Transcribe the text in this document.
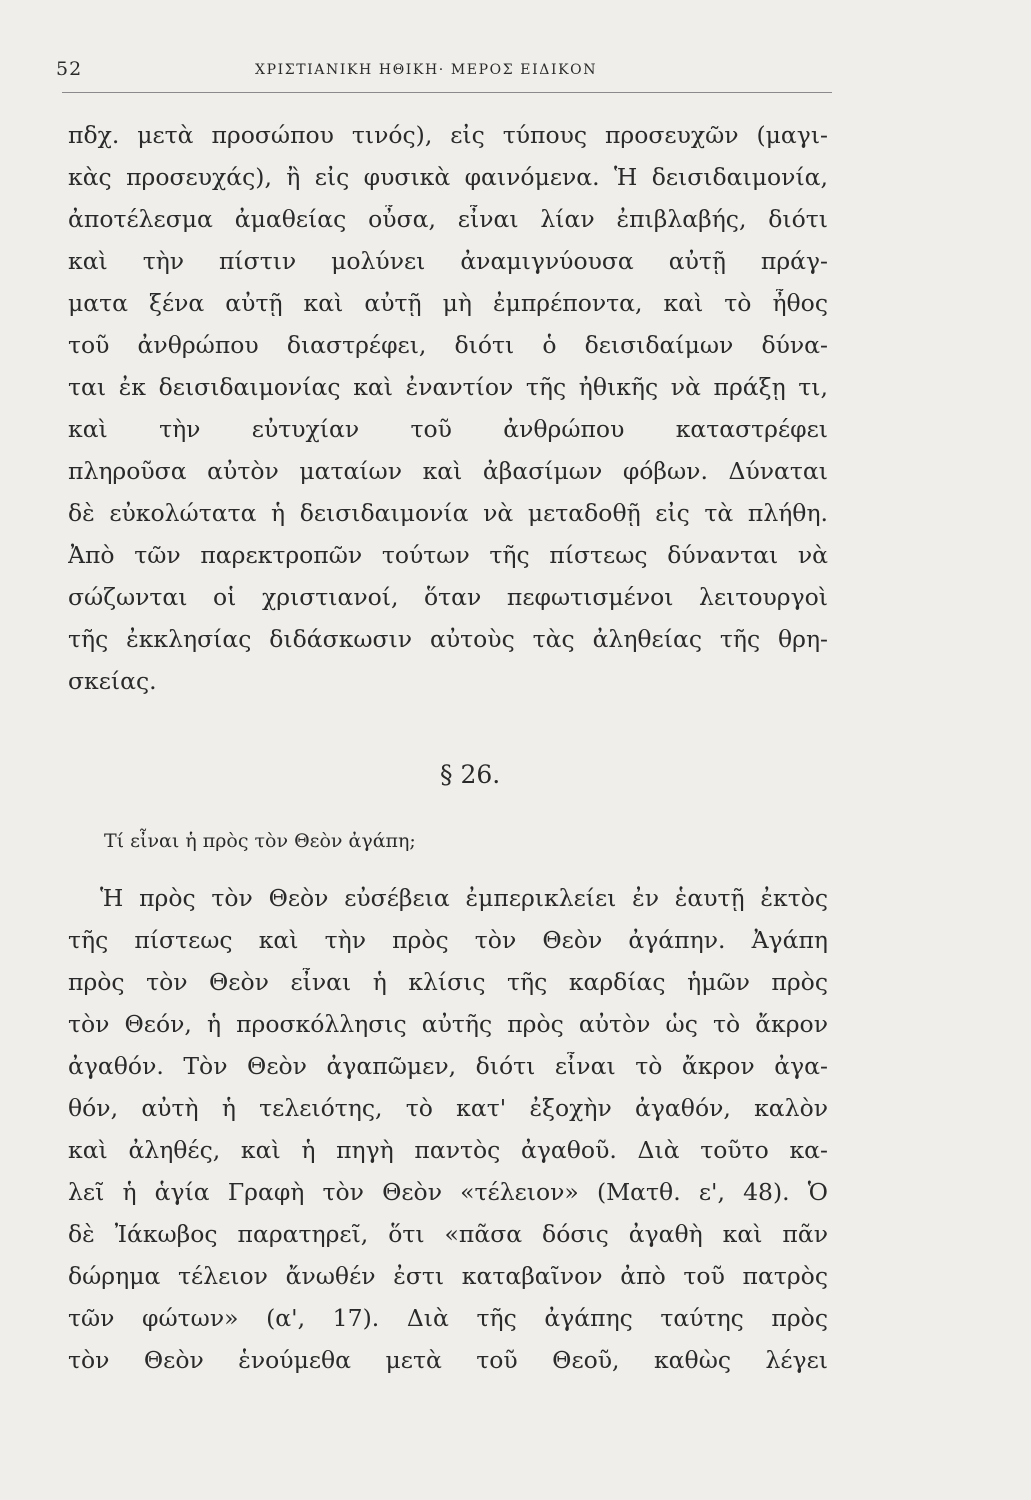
52	ΧΡΙΣΤΙΑΝΙΚΗ ΗΘΙΚΗ· ΜΕΡΟΣ ΕΙΔΙΚΟΝ
πδχ. μετὰ προσώπου τινός), εἰς τύπους προσευχῶν (μαγι-
κὰς προσευχάς), ἢ εἰς φυσικὰ φαινόμενα. Ἡ δεισιδαιμονία,
ἀποτέλεσμα ἀμαθείας οὖσα, εἶναι λίαν ἐπιβλαβής, διότι
καὶ τὴν πίστιν μολύνει ἀναμιγνύουσα αὐτῇ πράγ-
ματα ξένα αὐτῇ καὶ αὐτῇ μὴ ἐμπρέποντα, καὶ τὸ ἦθος
τοῦ ἀνθρώπου διαστρέφει, διότι ὁ δεισιδαίμων δύνα-
ται ἐκ δεισιδαιμονίας καὶ ἐναντίον τῆς ἠθικῆς νὰ πράξῃ τι,
καὶ τὴν εὐτυχίαν τοῦ ἀνθρώπου καταστρέφει
πληροῦσα αὐτὸν ματαίων καὶ ἀβασίμων φόβων. Δύναται
δὲ εὐκολώτατα ἡ δεισιδαιμονία νὰ μεταδοθῇ εἰς τὰ πλήθη.
Ἀπὸ τῶν παρεκτροπῶν τούτων τῆς πίστεως δύνανται νὰ
σώζωνται οἱ χριστιανοί, ὅταν πεφωτισμένοι λειτουργοὶ
τῆς ἐκκλησίας διδάσκωσιν αὐτοὺς τὰς ἀληθείας τῆς θρη-
σκείας.
§ 26.
Τί εἶναι ἡ πρὸς τὸν Θεὸν ἀγάπη;
Ἡ πρὸς τὸν Θεὸν εὐσέβεια ἐμπερικλείει ἐν ἑαυτῇ ἐκτὸς
τῆς πίστεως καὶ τὴν πρὸς τὸν Θεὸν ἀγάπην. Ἀγάπη
πρὸς τὸν Θεὸν εἶναι ἡ κλίσις τῆς καρδίας ἡμῶν πρὸς
τὸν Θεόν, ἡ προσκόλλησις αὐτῆς πρὸς αὐτὸν ὡς τὸ ἄκρον
ἀγαθόν. Τὸν Θεὸν ἀγαπῶμεν, διότι εἶναι τὸ ἄκρον ἀγα-
θόν, αὐτὴ ἡ τελειότης, τὸ κατ' ἐξοχὴν ἀγαθόν, καλὸν
καὶ ἀληθές, καὶ ἡ πηγὴ παντὸς ἀγαθοῦ. Διὰ τοῦτο κα-
λεῖ ἡ ἁγία Γραφὴ τὸν Θεὸν «τέλειον» (Ματθ. ε', 48). Ὁ
δὲ Ἰάκωβος παρατηρεῖ, ὅτι «πᾶσα δόσις ἀγαθὴ καὶ πᾶν
δώρημα τέλειον ἄνωθέν ἐστι καταβαῖνον ἀπὸ τοῦ πατρὸς
τῶν φώτων» (α', 17). Διὰ τῆς ἀγάπης ταύτης πρὸς
τὸν Θεὸν ἑνούμεθα μετὰ τοῦ Θεοῦ, καθὼς λέγει
